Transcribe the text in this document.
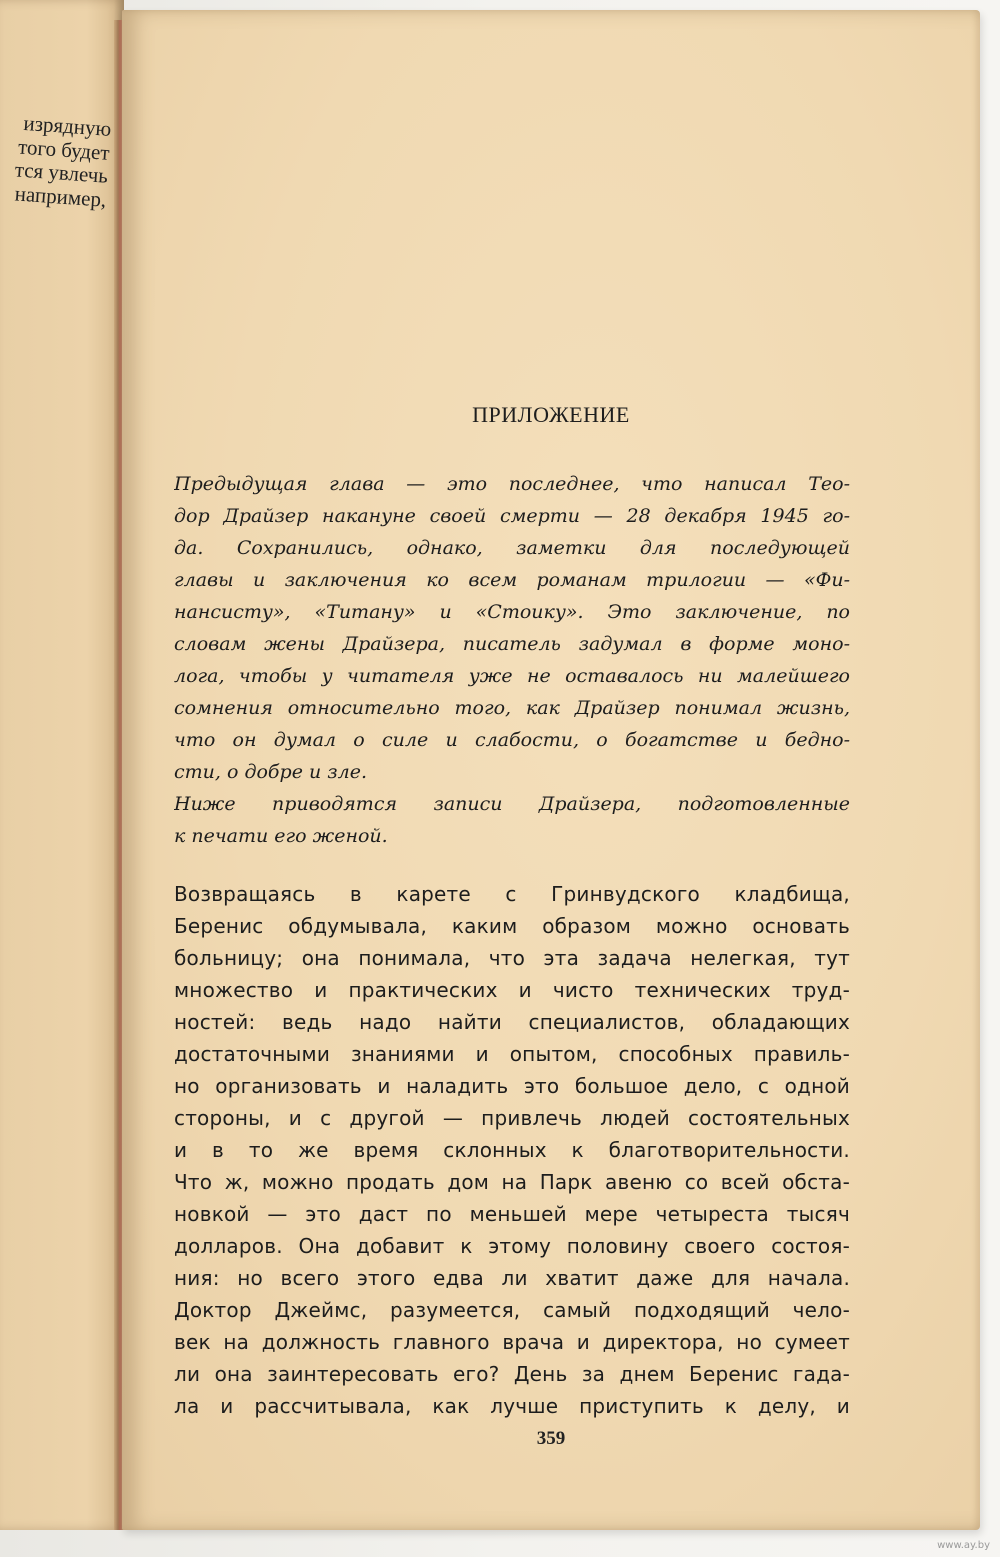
изрядную
того будет
тся увлечь
например,
ПРИЛОЖЕНИЕ
Предыдущая глава — это последнее, что написал Тео-
дор Драйзер накануне своей смерти — 28 декабря 1945 го-
да. Сохранились, однако, заметки для последующей
главы и заключения ко всем романам трилогии — «Фи-
нансисту», «Титану» и «Стоику». Это заключение, по
словам жены Драйзера, писатель задумал в форме моно-
лога, чтобы у читателя уже не оставалось ни малейшего
сомнения относительно того, как Драйзер понимал жизнь,
что он думал о силе и слабости, о богатстве и бедно-
сти, о добре и зле.
Ниже приводятся записи Драйзера, подготовленные
к печати его женой.
Возвращаясь в карете с Гринвудского кладбища,
Беренис обдумывала, каким образом можно основать
больницу; она понимала, что эта задача нелегкая, тут
множество и практических и чисто технических труд-
ностей: ведь надо найти специалистов, обладающих
достаточными знаниями и опытом, способных правиль-
но организовать и наладить это большое дело, с одной
стороны, и с другой — привлечь людей состоятельных
и в то же время склонных к благотворительности.
Что ж, можно продать дом на Парк авеню со всей обста-
новкой — это даст по меньшей мере четыреста тысяч
долларов. Она добавит к этому половину своего состоя-
ния: но всего этого едва ли хватит даже для начала.
Доктор Джеймс, разумеется, самый подходящий чело-
век на должность главного врача и директора, но сумеет
ли она заинтересовать его? День за днем Беренис гада-
ла и рассчитывала, как лучше приступить к делу, и
359
www.ay.by
